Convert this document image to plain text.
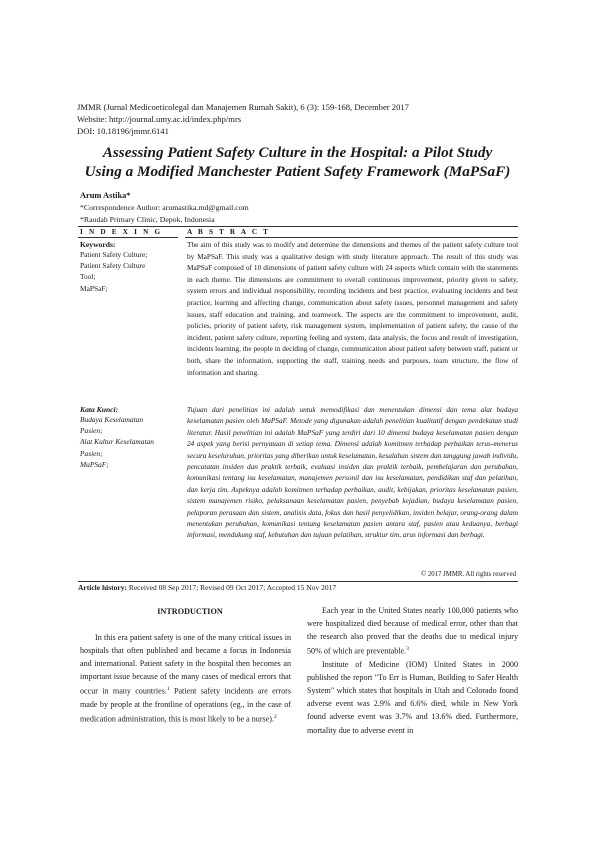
JMMR (Jurnal Medicoeticolegal dan Manajemen Rumah Sakit), 6 (3): 159-168, December 2017
Website: http://journal.umy.ac.id/index.php/mrs
DOI: 10.18196/jmmr.6141
Assessing Patient Safety Culture in the Hospital: a Pilot Study
Using a Modified Manchester Patient Safety Framework (MaPSaF)
Arum Astika*
*Correspondence Author: arumastika.md@gmail.com
*Raudah Primary Clinic, Depok, Indonesia
I N D E X I N G	A B S T R A C T
Keywords:
Patient Safety Culture;
Patient Safety Culture
Tool;
MaPSaF;
The aim of this study was to modify and determine the dimensions and themes of the patient safety culture tool by MaPSaF. This study was a qualitative design with study literature approach. The result of this study was MaPSaF composed of 10 dimensions of patient safety culture with 24 aspects which contain with the statements in each theme. The dimensions are commitment to overall continuous improvement, priority given to safety, system errors and individual responsibility, recording incidents and best practice, evaluating incidents and best practice, learning and affecting change, communication about safety issues, personnel management and safety issues, staff education and training, and teamwork. The aspects are the commitment to improvement, audit, policies, priority of patient safety, risk management system, implementation of patient safety, the cause of the incident, patient safety culture, reporting feeling and system, data analysis, the focus and result of investigation, incidents learning, the people in deciding of change, communication about patient safety between staff, patient or both, share the information, supporting the staff, training needs and purposes, team structure, the flow of information and sharing.
Kata Kunci:
Budaya Keselamatan
Pasien;
Alat Kultur Keselamatan
Pasien;
MaPSaF;
Tujuan dari penelitian ini adalah untuk memodifikasi dan menentukan dimensi dan tema alat budaya keselamatan pasien oleh MaPSaF. Metode yang digunakan adalah penelitian kualitatif dengan pendekatan studi literatur. Hasil penelitian ini adalah MaPSaF yang terdiri dari 10 dimensi budaya keselamatan pasien dengan 24 aspek yang berisi pernyataan di setiap tema. Dimensi adalah komitmen terhadap perbaikan terus-menerus secara keseluruhan, prioritas yang diberikan untuk keselamatan, kesalahan sistem dan tanggung jawab individu, pencatatan insiden dan praktik terbaik, evaluasi insiden dan praktik terbaik, pembelajaran dan perubahan, komunikasi tentang isu keselamatan, manajemen personil dan isu keselamatan, pendidikan staf dan pelatihan, dan kerja tim. Aspeknya adalah komitmen terhadap perbaikan, audit, kebijakan, prioritas keselamatan pasien, sistem manajemen risiko, pelaksanaan keselamatan pasien, penyebab kejadian, budaya keselamatan pasien, pelaporan perasaan dan sistem, analisis data, fokus dan hasil penyelidikan, insiden belajar, orang-orang dalam menentukan perubahan, komunikasi tentang keselamatan pasien antara staf, pasien atau keduanya, berbagi informasi, mendukung staf, kebutuhan dan tujuan pelatihan, struktur tim, arus informasi dan berbagi.
© 2017 JMMR. All rights reserved
Article history: Received 08 Sep 2017; Revised 09 Oct 2017; Accepted 15 Nov 2017
INTRODUCTION

In this era patient safety is one of the many critical issues in hospitals that often published and became a focus in Indonesia and international. Patient safety in the hospital then becomes an important issue because of the many cases of medical errors that occur in many countries.$^1$ Patient safety incidents are errors made by people at the frontline of operations (eg., in the case of medication administration, this is most likely to be a nurse).$^2$

Each year in the United States nearly 100,000 patients who were hospitalized died because of medical error, other than that the research also proved that the deaths due to medical injury 50% of which are preventable.$^3$

Institute of Medicine (IOM) United States in 2000 published the report "To Err is Human, Building to Safer Health System" which states that hospitals in Utah and Colorado found adverse event was 2.9% and 6.6% died, while in New York found adverse event was 3.7% and 13.6% died. Furthermore, mortality due to adverse event in
